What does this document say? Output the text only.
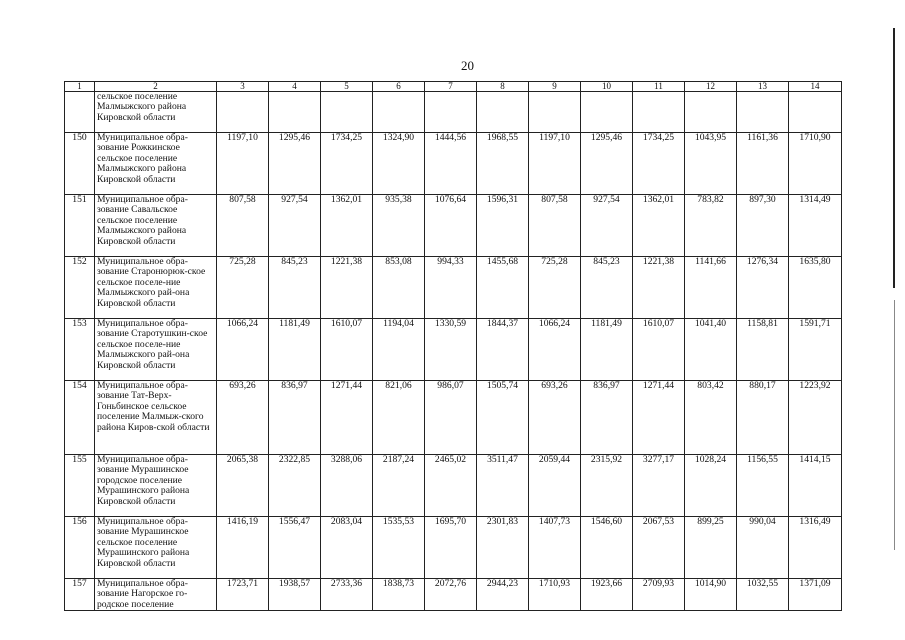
20
1	2	3	4	5	6	7	8	9	10	11	12	13	14
	сельское поселение Малмыжского района Кировской области												
150	Муниципальное обра-зование Рожкинское сельское поселение Малмыжского района Кировской области	1197,10	1295,46	1734,25	1324,90	1444,56	1968,55	1197,10	1295,46	1734,25	1043,95	1161,36	1710,90
151	Муниципальное обра-зование Савальское сельское поселение Малмыжского района Кировской области	807,58	927,54	1362,01	935,38	1076,64	1596,31	807,58	927,54	1362,01	783,82	897,30	1314,49
152	Муниципальное обра-зование Старонюрюк-ское сельское поселе-ние Малмыжского рай-она Кировской области	725,28	845,23	1221,38	853,08	994,33	1455,68	725,28	845,23	1221,38	1141,66	1276,34	1635,80
153	Муниципальное обра-зование Старотушкин-ское сельское поселе-ние Малмыжского рай-она Кировской области	1066,24	1181,49	1610,07	1194,04	1330,59	1844,37	1066,24	1181,49	1610,07	1041,40	1158,81	1591,71
154	Муниципальное обра-зование Тат-Верх-Гоньбинское сельское поселение Малмыж-ского района Киров-ской области	693,26	836,97	1271,44	821,06	986,07	1505,74	693,26	836,97	1271,44	803,42	880,17	1223,92
155	Муниципальное обра-зование Мурашинское городское поселение Мурашинского района Кировской области	2065,38	2322,85	3288,06	2187,24	2465,02	3511,47	2059,44	2315,92	3277,17	1028,24	1156,55	1414,15
156	Муниципальное обра-зование Мурашинское сельское поселение Мурашинского района Кировской области	1416,19	1556,47	2083,04	1535,53	1695,70	2301,83	1407,73	1546,60	2067,53	899,25	990,04	1316,49
157	Муниципальное обра-зование Нагорское го-родское поселение	1723,71	1938,57	2733,36	1838,73	2072,76	2944,23	1710,93	1923,66	2709,93	1014,90	1032,55	1371,09
